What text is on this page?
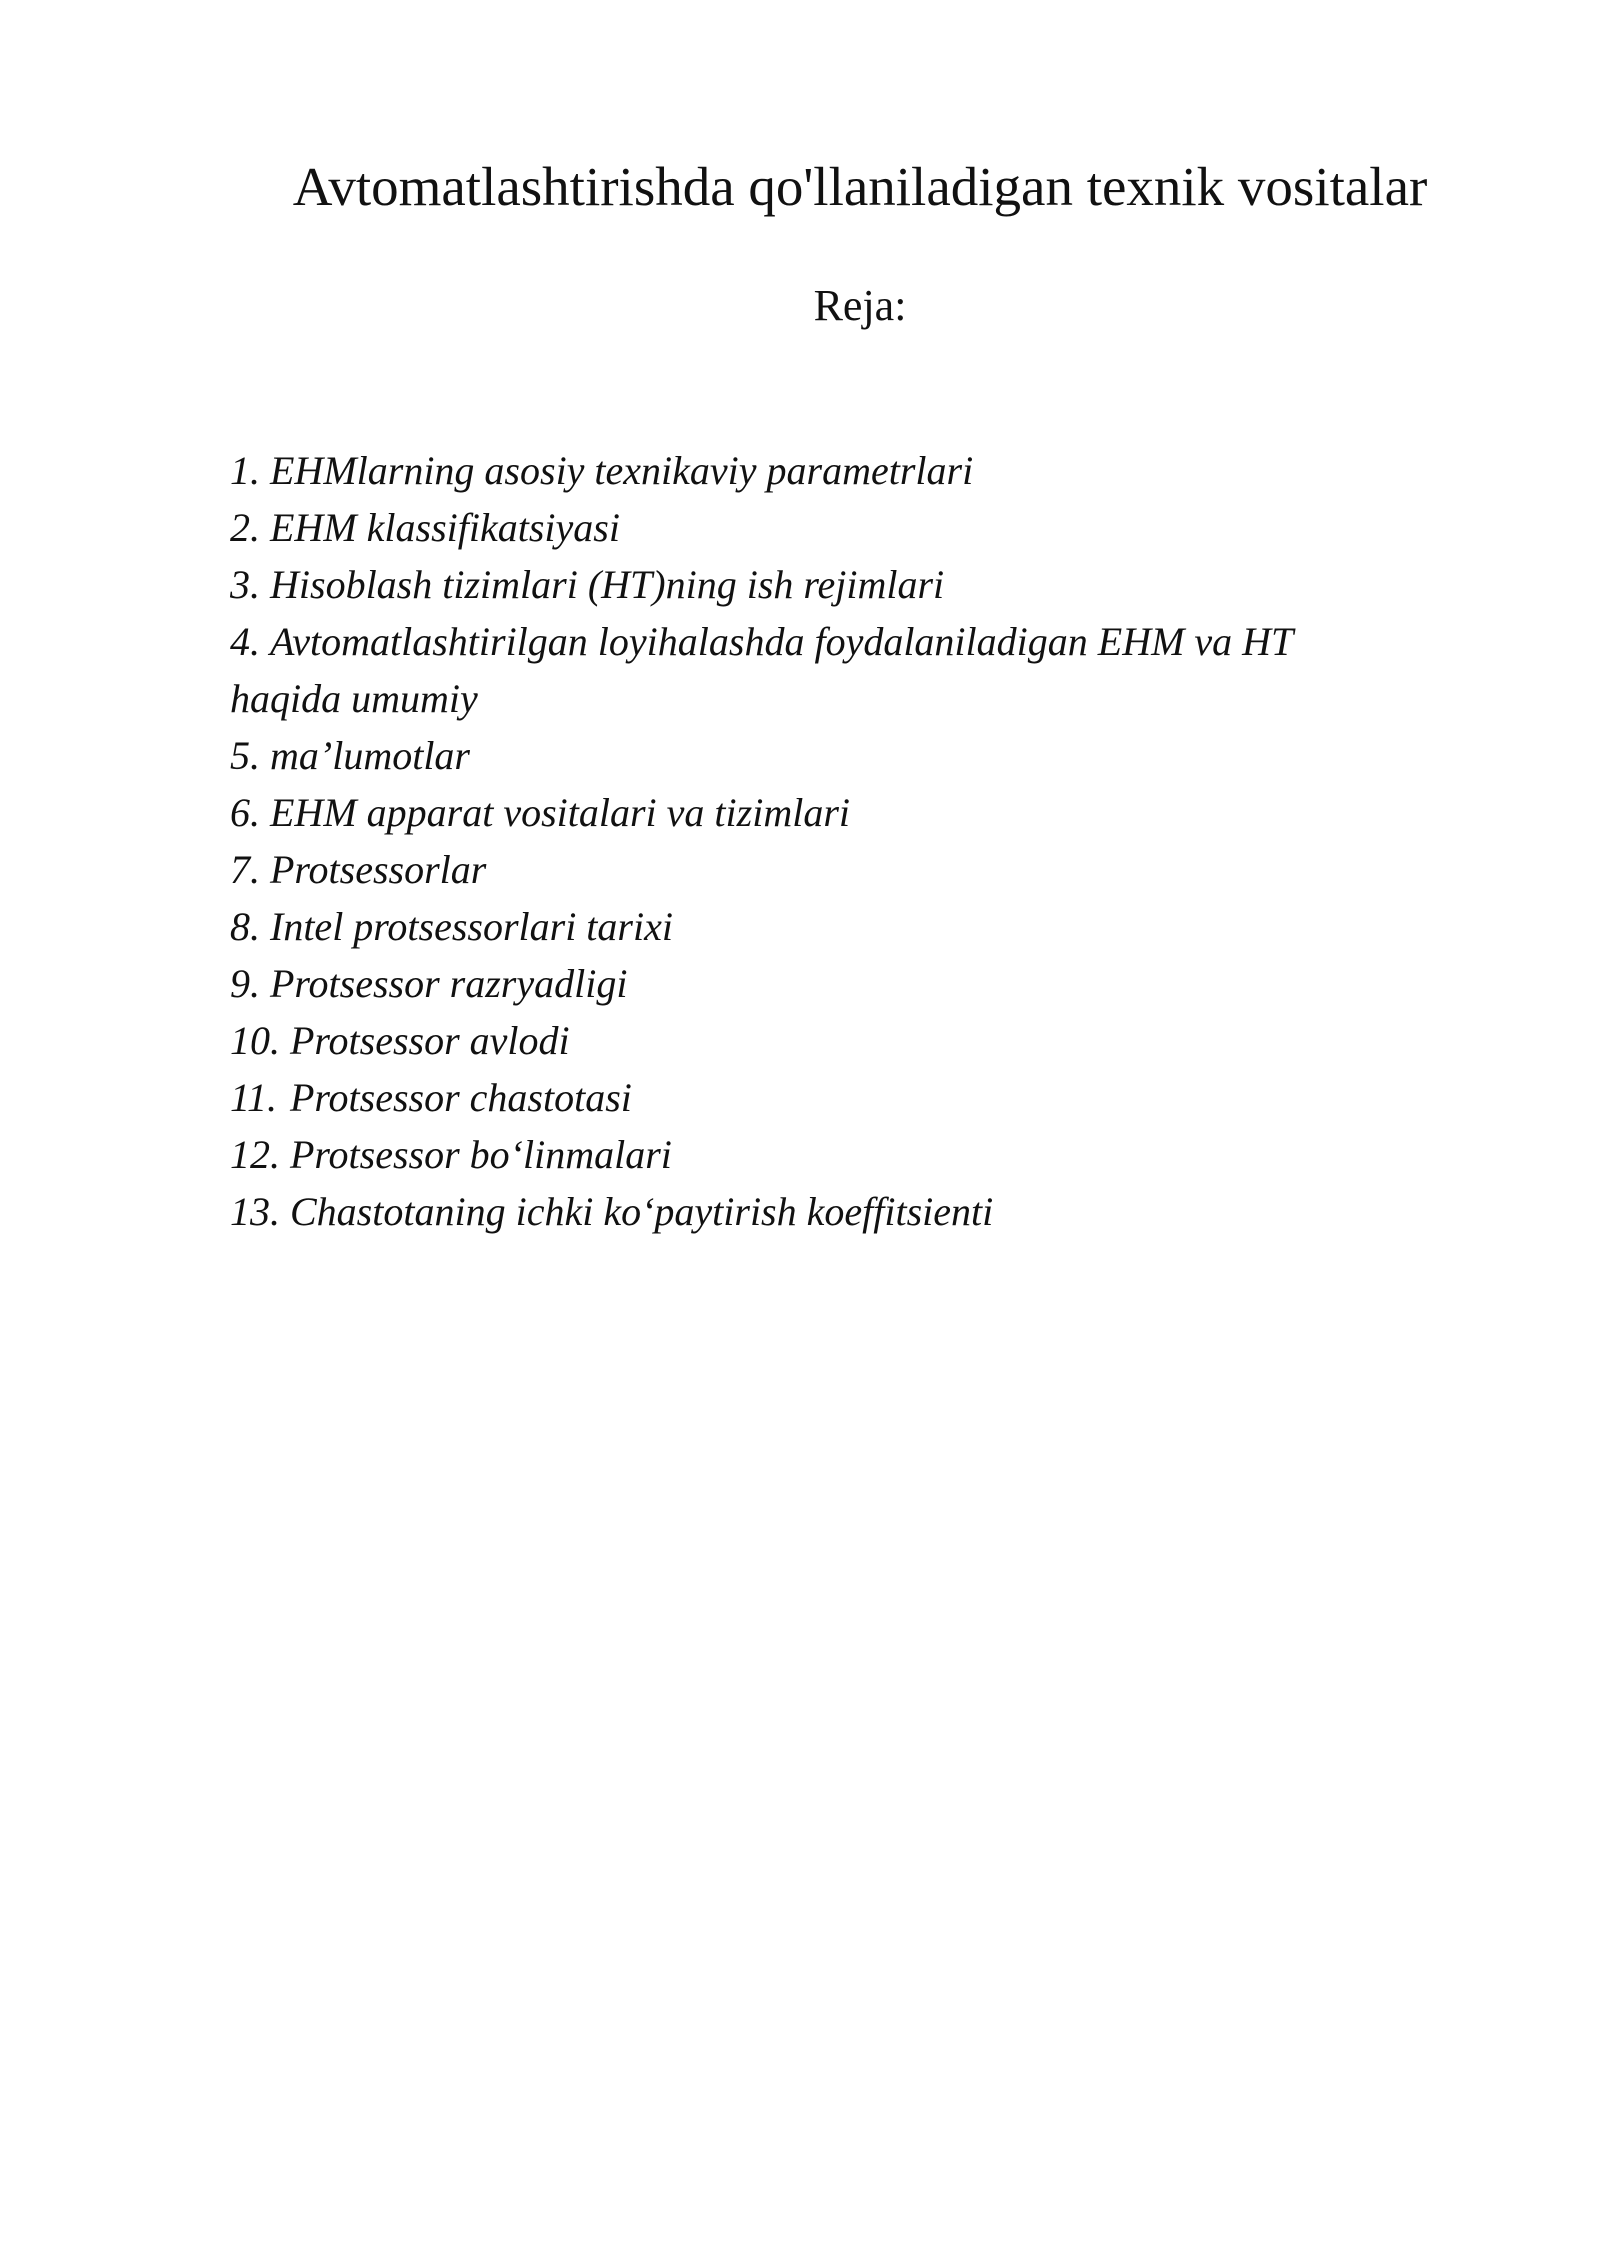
Avtomatlashtirishda qo'llaniladigan texnik vositalar

Reja:

1. EHMlarning asosiy texnikaviy parametrlari
2. EHM klassifikatsiyasi
3. Hisoblash tizimlari (HT)ning ish rejimlari
4. Avtomatlashtirilgan loyihalashda foydalaniladigan EHM va HT haqida umumiy
5. ma’lumotlar
6. EHM apparat vositalari va tizimlari
7. Protsessorlar
8. Intel protsessorlari tarixi
9. Protsessor razryadligi
10. Protsessor avlodi
11. Protsessor chastotasi
12. Protsessor bo‘linmalari
13. Chastotaning ichki ko‘paytirish koeffitsienti
